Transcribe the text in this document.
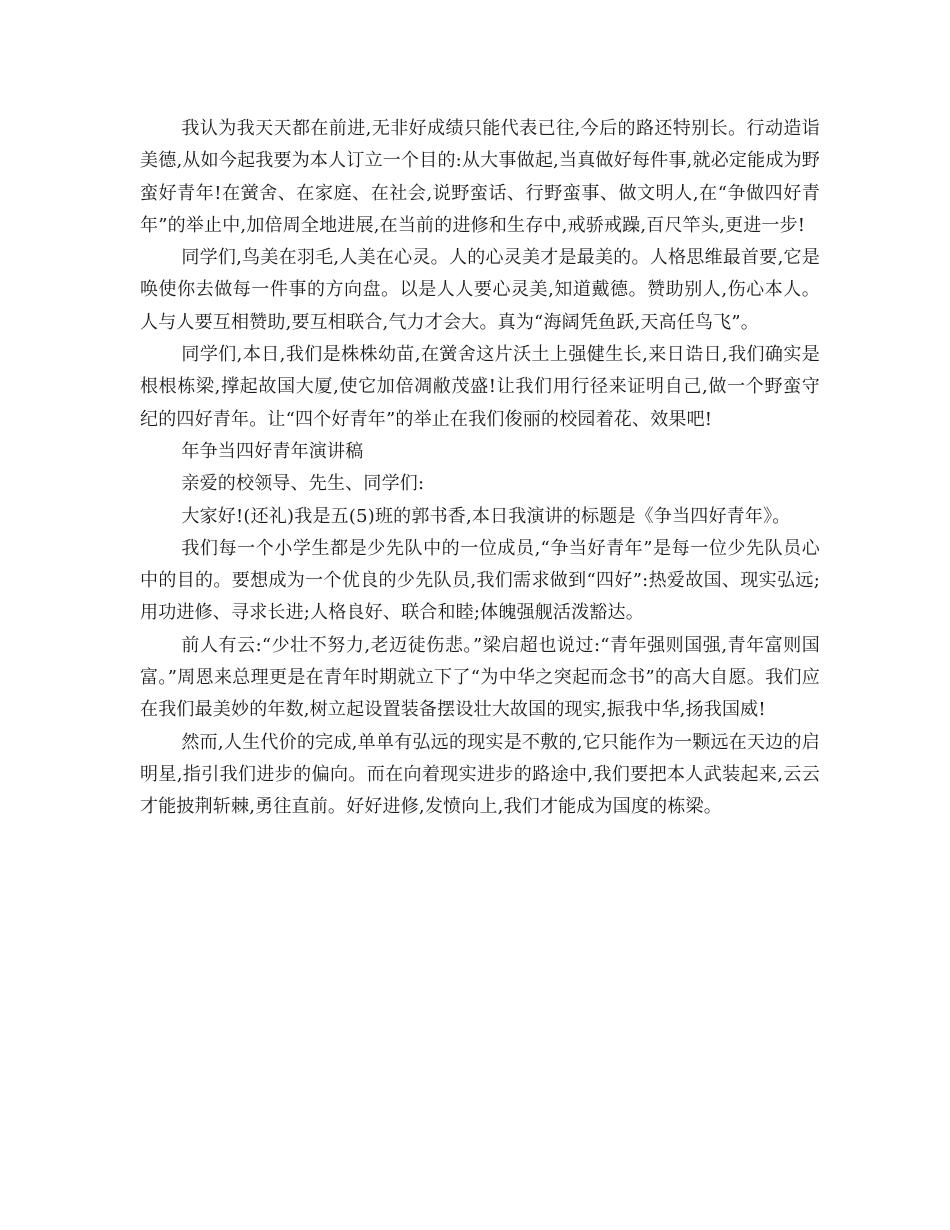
我认为我天天都在前进,无非好成绩只能代表已往,今后的路还特别长。行动造诣美德,从如今起我要为本人订立一个目的:从大事做起,当真做好每件事,就必定能成为野蛮好青年!在黉舍、在家庭、在社会,说野蛮话、行野蛮事、做文明人,在“争做四好青年”的举止中,加倍周全地进展,在当前的进修和生存中,戒骄戒躁,百尺竿头,更进一步!

同学们,鸟美在羽毛,人美在心灵。人的心灵美才是最美的。人格思维最首要,它是唤使你去做每一件事的方向盘。以是人人要心灵美,知道戴德。赞助别人,伤心本人。人与人要互相赞助,要互相联合,气力才会大。真为“海阔凭鱼跃,天高任鸟飞”。

同学们,本日,我们是株株幼苗,在黉舍这片沃土上强健生长,来日诰日,我们确实是根根栋梁,撑起故国大厦,使它加倍凋敝茂盛!让我们用行径来证明自己,做一个野蛮守纪的四好青年。让“四个好青年”的举止在我们俊丽的校园着花、效果吧!

年争当四好青年演讲稿

亲爱的校领导、先生、同学们:

大家好!(还礼)我是五(5)班的郭书香,本日我演讲的标题是《争当四好青年》。

我们每一个小学生都是少先队中的一位成员,“争当好青年”是每一位少先队员心中的目的。要想成为一个优良的少先队员,我们需求做到“四好”:热爱故国、现实弘远;用功进修、寻求长进;人格良好、联合和睦;体魄强舰活泼豁达。

前人有云:“少壮不努力,老迈徒伤悲。”梁启超也说过:“青年强则国强,青年富则国富。”周恩来总理更是在青年时期就立下了“为中华之突起而念书”的高大自愿。我们应在我们最美妙的年数,树立起设置装备摆设壮大故国的现实,振我中华,扬我国威!

然而,人生代价的完成,单单有弘远的现实是不敷的,它只能作为一颗远在天边的启明星,指引我们进步的偏向。而在向着现实进步的路途中,我们要把本人武装起来,云云才能披荆斩棘,勇往直前。好好进修,发愤向上,我们才能成为国度的栋梁。
